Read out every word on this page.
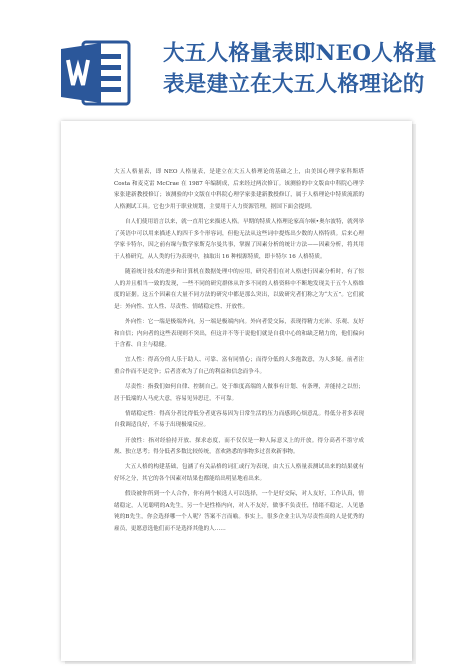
大五人格量表即NEO人格量
表是建立在大五人格理论的

大五人格量表，即 NEO 人格量表，是建立在大五人格理论的基础之上，由美国心理学家科斯塔 Costa 和麦克雷 McCrae 在 1987 年编制成，后来经过两次修订。该测验的中文版由中科院心理学家张建新教授修订；该测验的中文版在中科院心理学家张建新教授修订，属于人格理论中特质流派的人格测试工具。它也少用于职业规划，主要用于人力资源管理，据国下面会提到。

自人们使用语言以来，就一直用它来描述人格。早期的特质人格理论家高尔顿•奥尔波特，就列举了英语中可以用来描述人的四千多个形容词，但他无法从这些词中提炼出少数的人格特质。后来心理学家卡特尔，因之前有缘与数学家斯克尔曼共事，掌握了因素分析的统计方法——因素分析，将其用于人格研究，从人类的行为表现中，抽取出 16 种根源特质，即卡特尔 16 人格特质。

随着统计技术的进步和计算机在数据处理中的应用，研究者们在对人格进行因素分析时，有了惊人的并且相当一致的发现，一些不同的研究群体从许多不同的人格资料中不断地发现关于五个人格维度的证据。这五个因素在大量不同方法的研究中都是那么突出，以致研究者们称之为“大五”。它们就是：外向性、宜人性、尽责性、情绪稳定性、开放性。

外向性：它一端是极端外向，另一端是极端内向。外向者爱交际，表现得精力充沛、乐观、友好和自信；内向者的这些表现则不突出，但这并不等于说他们就是自我中心的和缺乏精力的，他们偏向于含蓄、自主与稳健。

宜人性：得高分的人乐于助人、可靠、富有同情心；而得分低的人多抱敌意，为人多疑。前者注重合作而不是竞争；后者喜欢为了自己的利益和信念而争斗。

尽责性：指我们如何自律、控制自己。处于维度高端的人做事有计划、有条理，并能持之以恒；居于低端的人马虎大意，容易见异思迁，不可靠。

情绪稳定性：得高分者比得低分者更容易因为日常生活的压力而感到心烦意乱。得低分者多表现自我调适良好，不易于出现极端反应。

开放性：指对经验持开放、探求态度，而不仅仅是一种人际意义上的开放。得分高者不墨守成规、独立思考；得分低者多数比较传统，喜欢熟悉的事物多过喜欢新事物。

大五人格的构建基础，包涵了有关品格的词汇或行为表现，由大五人格量表测试出来的结果就有好坏之分，其它的各个因素对结果也都能给出明显地看出来。

假设被你所到一个人合作，你有两个候选人可以选择，一个是好交际，对人友好，工作认真，情绪稳定，人见聪明的A先生，另一个是性格内向，对人不友好，做事不负责任，情绪不稳定，人见愚钝的B先生，你会选择哪一个人呢？答案不言而喻。事实上，很多企业主认为尽责性高的人是优秀的雇员，更愿意选他们而不是选择其他的人……
